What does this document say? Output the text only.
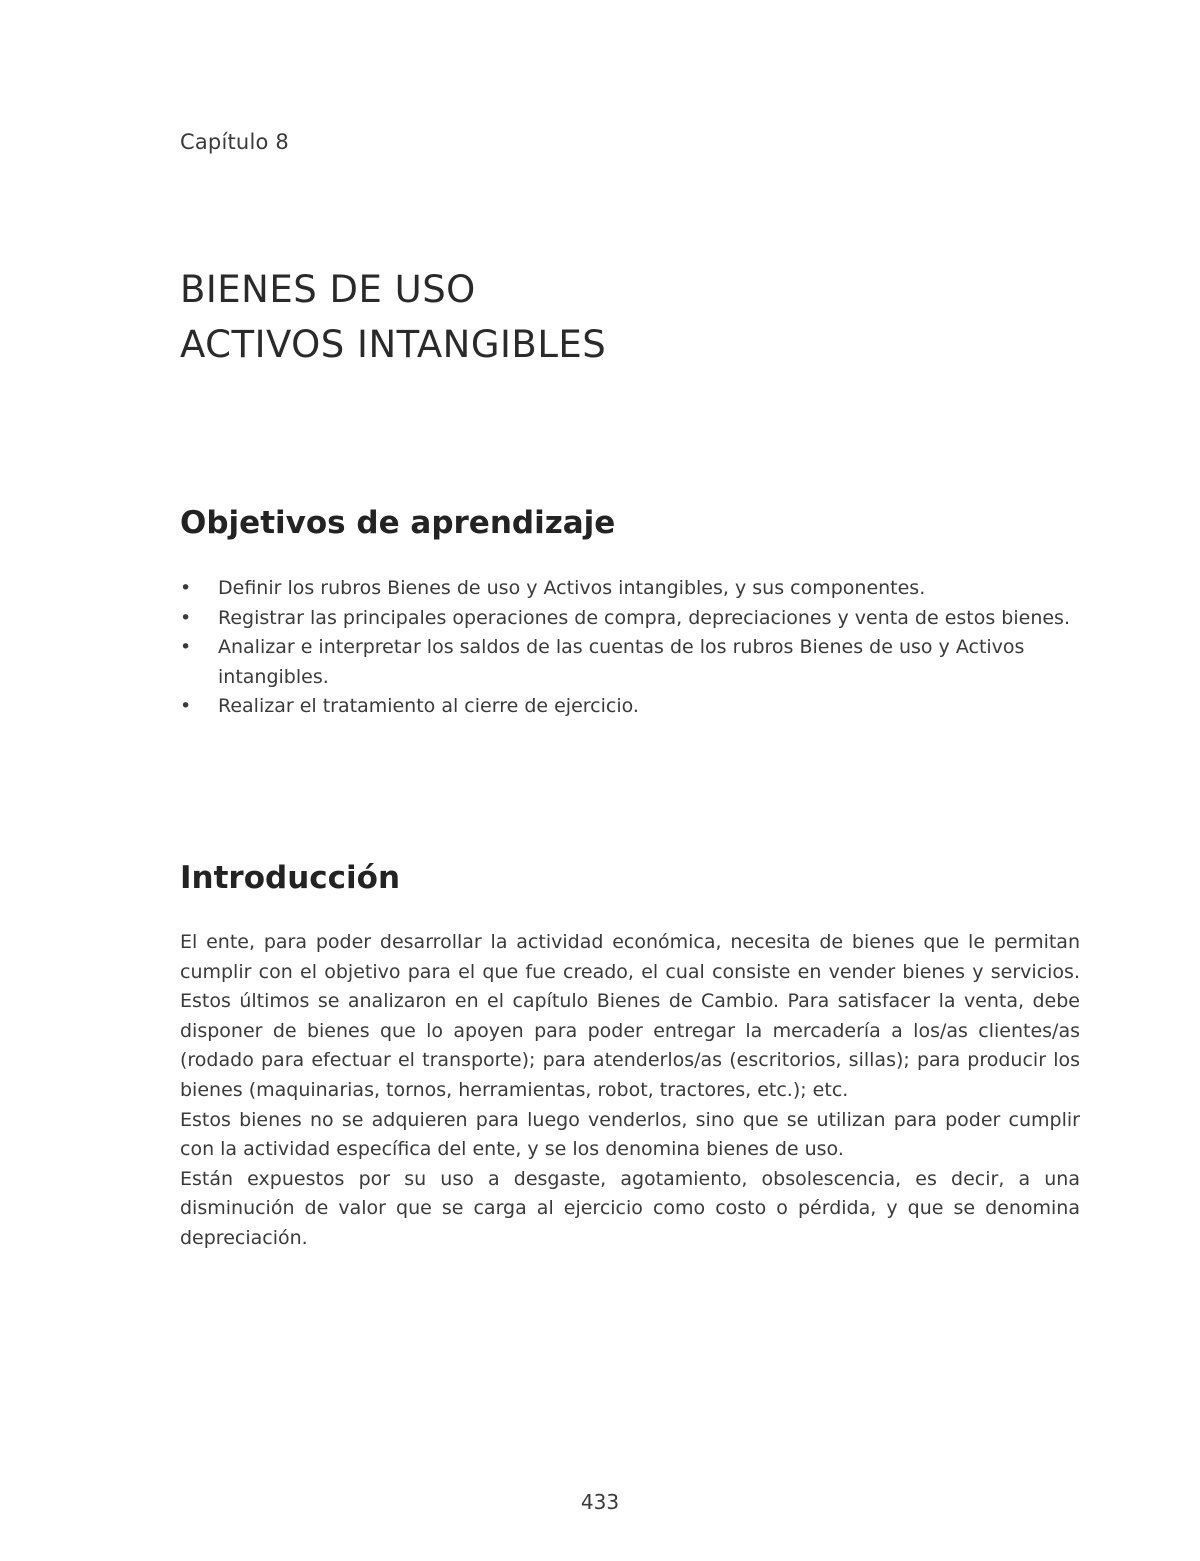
Capítulo 8
BIENES DE USO
ACTIVOS INTANGIBLES
Objetivos de aprendizaje
• Definir los rubros Bienes de uso y Activos intangibles, y sus componentes.
• Registrar las principales operaciones de compra, depreciaciones y venta de estos bienes.
• Analizar e interpretar los saldos de las cuentas de los rubros Bienes de uso y Activos intangibles.
• Realizar el tratamiento al cierre de ejercicio.
Introducción

El ente, para poder desarrollar la actividad económica, necesita de bienes que le permitan cumplir con el objetivo para el que fue creado, el cual consiste en vender bienes y servicios. Estos últimos se analizaron en el capítulo Bienes de Cambio. Para satisfacer la venta, debe disponer de bienes que lo apoyen para poder entregar la mercadería a los/as clientes/as (rodado para efectuar el transporte); para atenderlos/as (escritorios, sillas); para producir los bienes (maquinarias, tornos, herramientas, robot, tractores, etc.); etc.

Estos bienes no se adquieren para luego venderlos, sino que se utilizan para poder cumplir con la actividad específica del ente, y se los denomina bienes de uso.

Están expuestos por su uso a desgaste, agotamiento, obsolescencia, es decir, a una disminución de valor que se carga al ejercicio como costo o pérdida, y que se denomina depreciación.

433
